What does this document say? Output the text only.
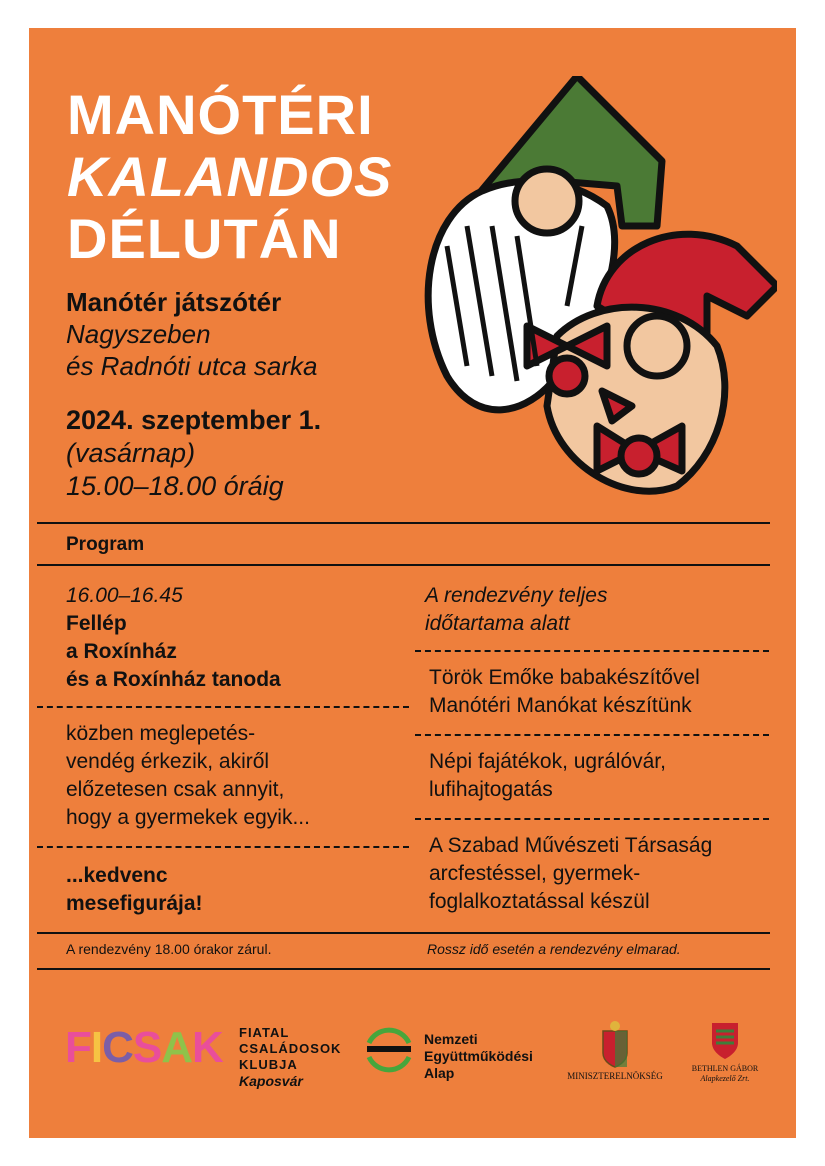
MANÓTÉRI
KALANDOS
DÉLUTÁN
Manótér játszótér
Nagyszeben
és Radnóti utca sarka
2024. szeptember 1.
(vasárnap)
15.00–18.00 óráig
Program
16.00–16.45
Fellép
a Roxínház
és a Roxínház tanoda
közben meglepetés-
vendég érkezik, akiről
előzetesen csak annyit,
hogy a gyermekek egyik...
...kedvenc
mesefigurája!
A rendezvény teljes
időtartama alatt
Török Emőke babakészítővel
Manótéri Manókat készítünk
Népi fajátékok, ugrálóvár,
lufihajtogatás
A Szabad Művészeti Társaság
arcfestéssel, gyermek-
foglalkoztatással készül
A rendezvény 18.00 órakor zárul.	Rossz idő esetén a rendezvény elmarad.
FICSAK FIATAL
CSALÁDOSOK
KLUBJA
Kaposvár
Nemzeti
Együttműködési
Alap	MINISZTERELNÖKSÉG
BETHLEN GÁBOR
Alapkezelő Zrt.
